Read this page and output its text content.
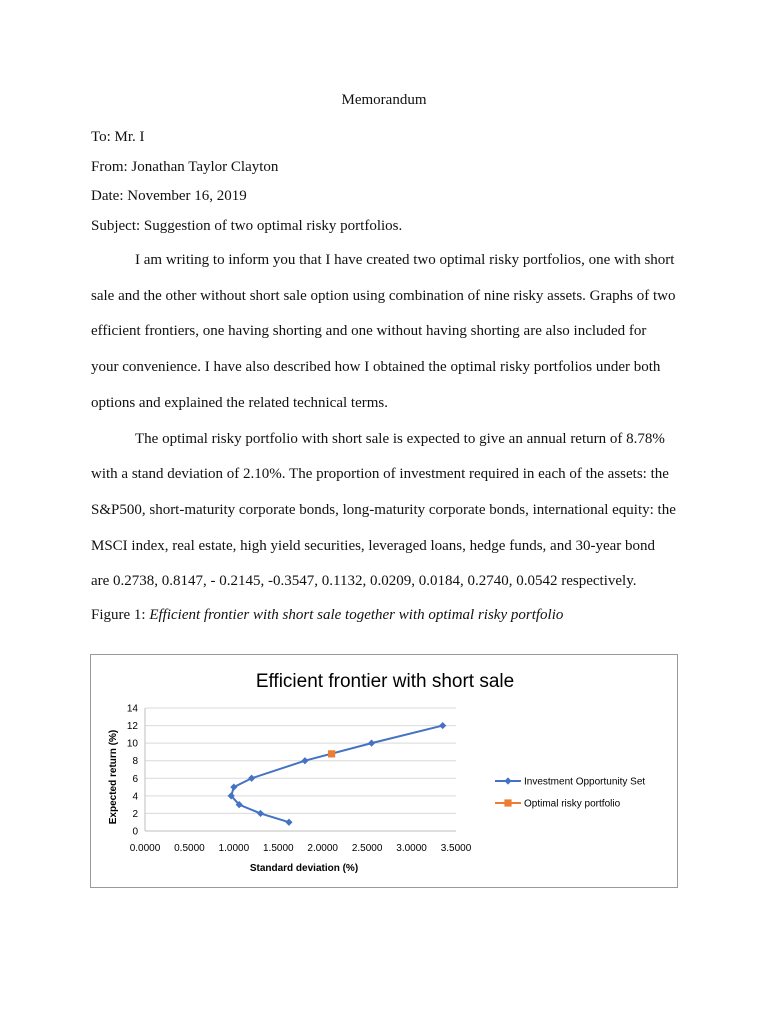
Memorandum
To: Mr. I
From: Jonathan Taylor Clayton
Date: November 16, 2019
Subject: Suggestion of two optimal risky portfolios.
I am writing to inform you that I have created two optimal risky portfolios, one with short
sale and the other without short sale option using combination of nine risky assets. Graphs of two
efficient frontiers, one having shorting and one without having shorting are also included for
your convenience. I have also described how I obtained the optimal risky portfolios under both
options and explained the related technical terms.
The optimal risky portfolio with short sale is expected to give an annual return of 8.78%
with a stand deviation of 2.10%. The proportion of investment required in each of the assets: the
S&P500, short-maturity corporate bonds, long-maturity corporate bonds, international equity: the
MSCI index, real estate, high yield securities, leveraged loans, hedge funds, and 30-year bond
are 0.2738, 0.8147, - 0.2145, -0.3547, 0.1132, 0.0209, 0.0184, 0.2740, 0.0542 respectively.
Figure 1: Efficient frontier with short sale together with optimal risky portfolio
Efficient frontier with short sale
0
2
4
6
8
10
12
14
0.0000 0.5000 1.0000 1.5000 2.0000 2.5000 3.0000 3.5000
Investment Opportunity Set
Optimal risky portfolio
Standard deviation (%)
Expected return (%)
